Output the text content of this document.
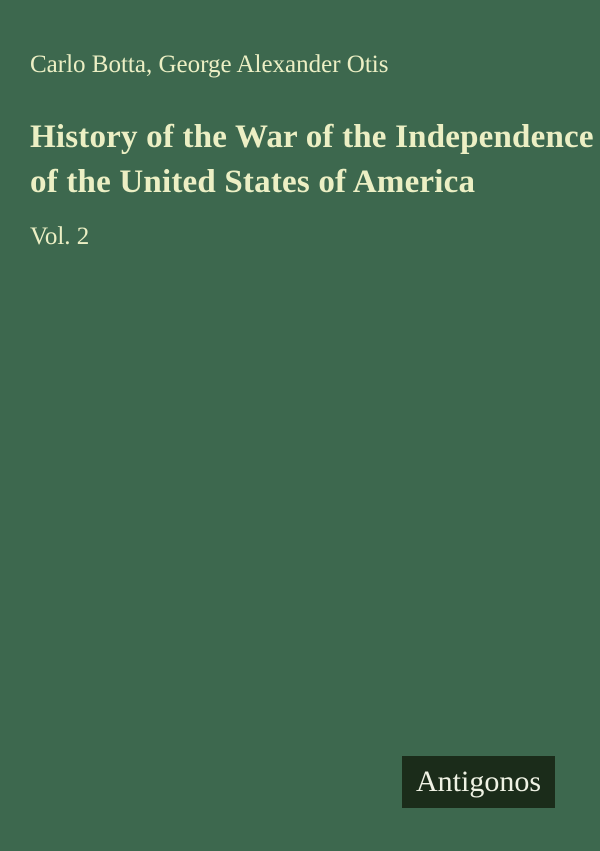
Carlo Botta, George Alexander Otis
History of the War of the Independence
of the United States of America
Vol. 2
Antigonos
